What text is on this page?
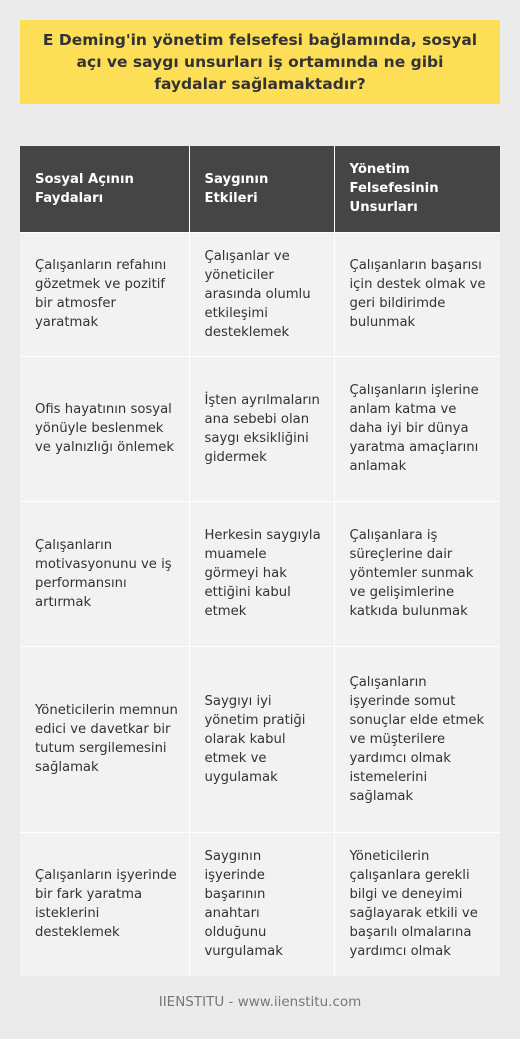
E Deming'in yönetim felsefesi bağlamında, sosyal açı ve saygı unsurları iş ortamında ne gibi faydalar sağlamaktadır?
Sosyal Açının Faydaları	Saygının Etkileri	Yönetim Felsefesinin Unsurları
Çalışanların refahını gözetmek ve pozitif bir atmosfer yaratmak	Çalışanlar ve yöneticiler arasında olumlu etkileşimi desteklemek	Çalışanların başarısı için destek olmak ve geri bildirimde bulunmak
Ofis hayatının sosyal yönüyle beslenmek ve yalnızlığı önlemek	İşten ayrılmaların ana sebebi olan saygı eksikliğini gidermek	Çalışanların işlerine anlam katma ve daha iyi bir dünya yaratma amaçlarını anlamak
Çalışanların motivasyonunu ve iş performansını artırmak	Herkesin saygıyla muamele görmeyi hak ettiğini kabul etmek	Çalışanlara iş süreçlerine dair yöntemler sunmak ve gelişimlerine katkıda bulunmak
Yöneticilerin memnun edici ve davetkar bir tutum sergilemesini sağlamak	Saygıyı iyi yönetim pratiği olarak kabul etmek ve uygulamak	Çalışanların işyerinde somut sonuçlar elde etmek ve müşterilere yardımcı olmak istemelerini sağlamak
Çalışanların işyerinde bir fark yaratma isteklerini desteklemek	Saygının işyerinde başarının anahtarı olduğunu vurgulamak	Yöneticilerin çalışanlara gerekli bilgi ve deneyimi sağlayarak etkili ve başarılı olmalarına yardımcı olmak
IIENSTITU - www.iienstitu.com
